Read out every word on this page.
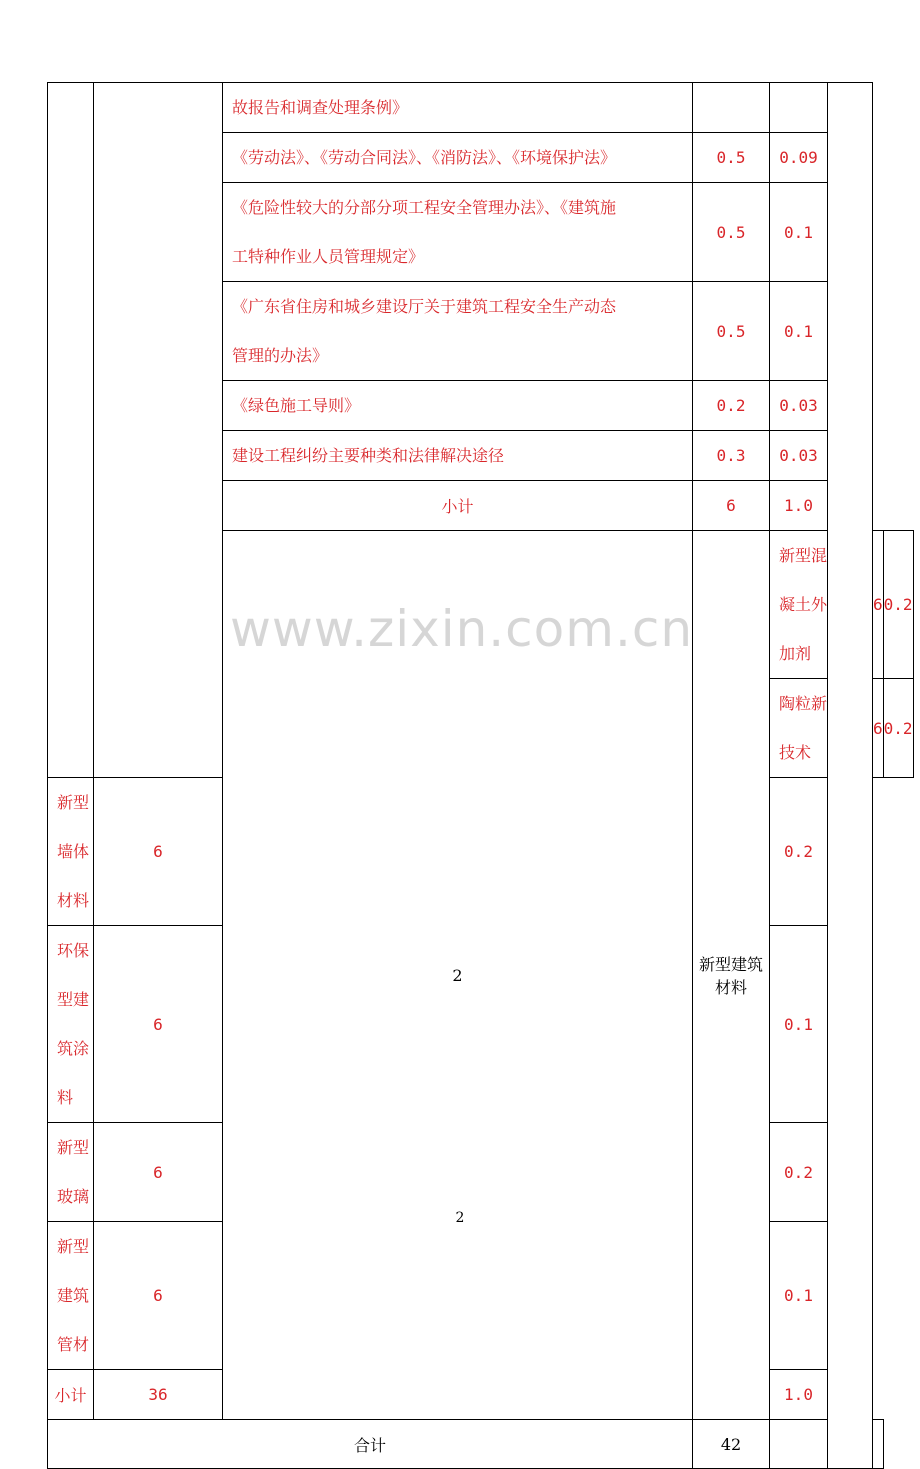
		故报告和调查处理条例》					
		《劳动法》、《劳动合同法》、《消防法》、《环境保护法》	0.5	0.09			
		《危险性较大的分部分项工程安全管理办法》、《建筑施
工特种作业人员管理规定》	0.5	0.1			
		《广东省住房和城乡建设厅关于建筑工程安全生产动态
管理的办法》	0.5	0.1			
		《绿色施工导则》	0.2	0.03			
		建设工程纠纷主要种类和法律解决途径	0.3	0.03			
		小计	6	1.0			
		2	新型建筑材料	新型混凝土外加剂		6	0.2
				陶粒新技术		6	0.2
新型墙体材料	6			0.2			
环保型建筑涂料	6			0.1			
新型玻璃	6			0.2			
新型建筑管材	6			0.1			
小计	36			1.0			
合计			42				
www.zixin.com.cn
2
